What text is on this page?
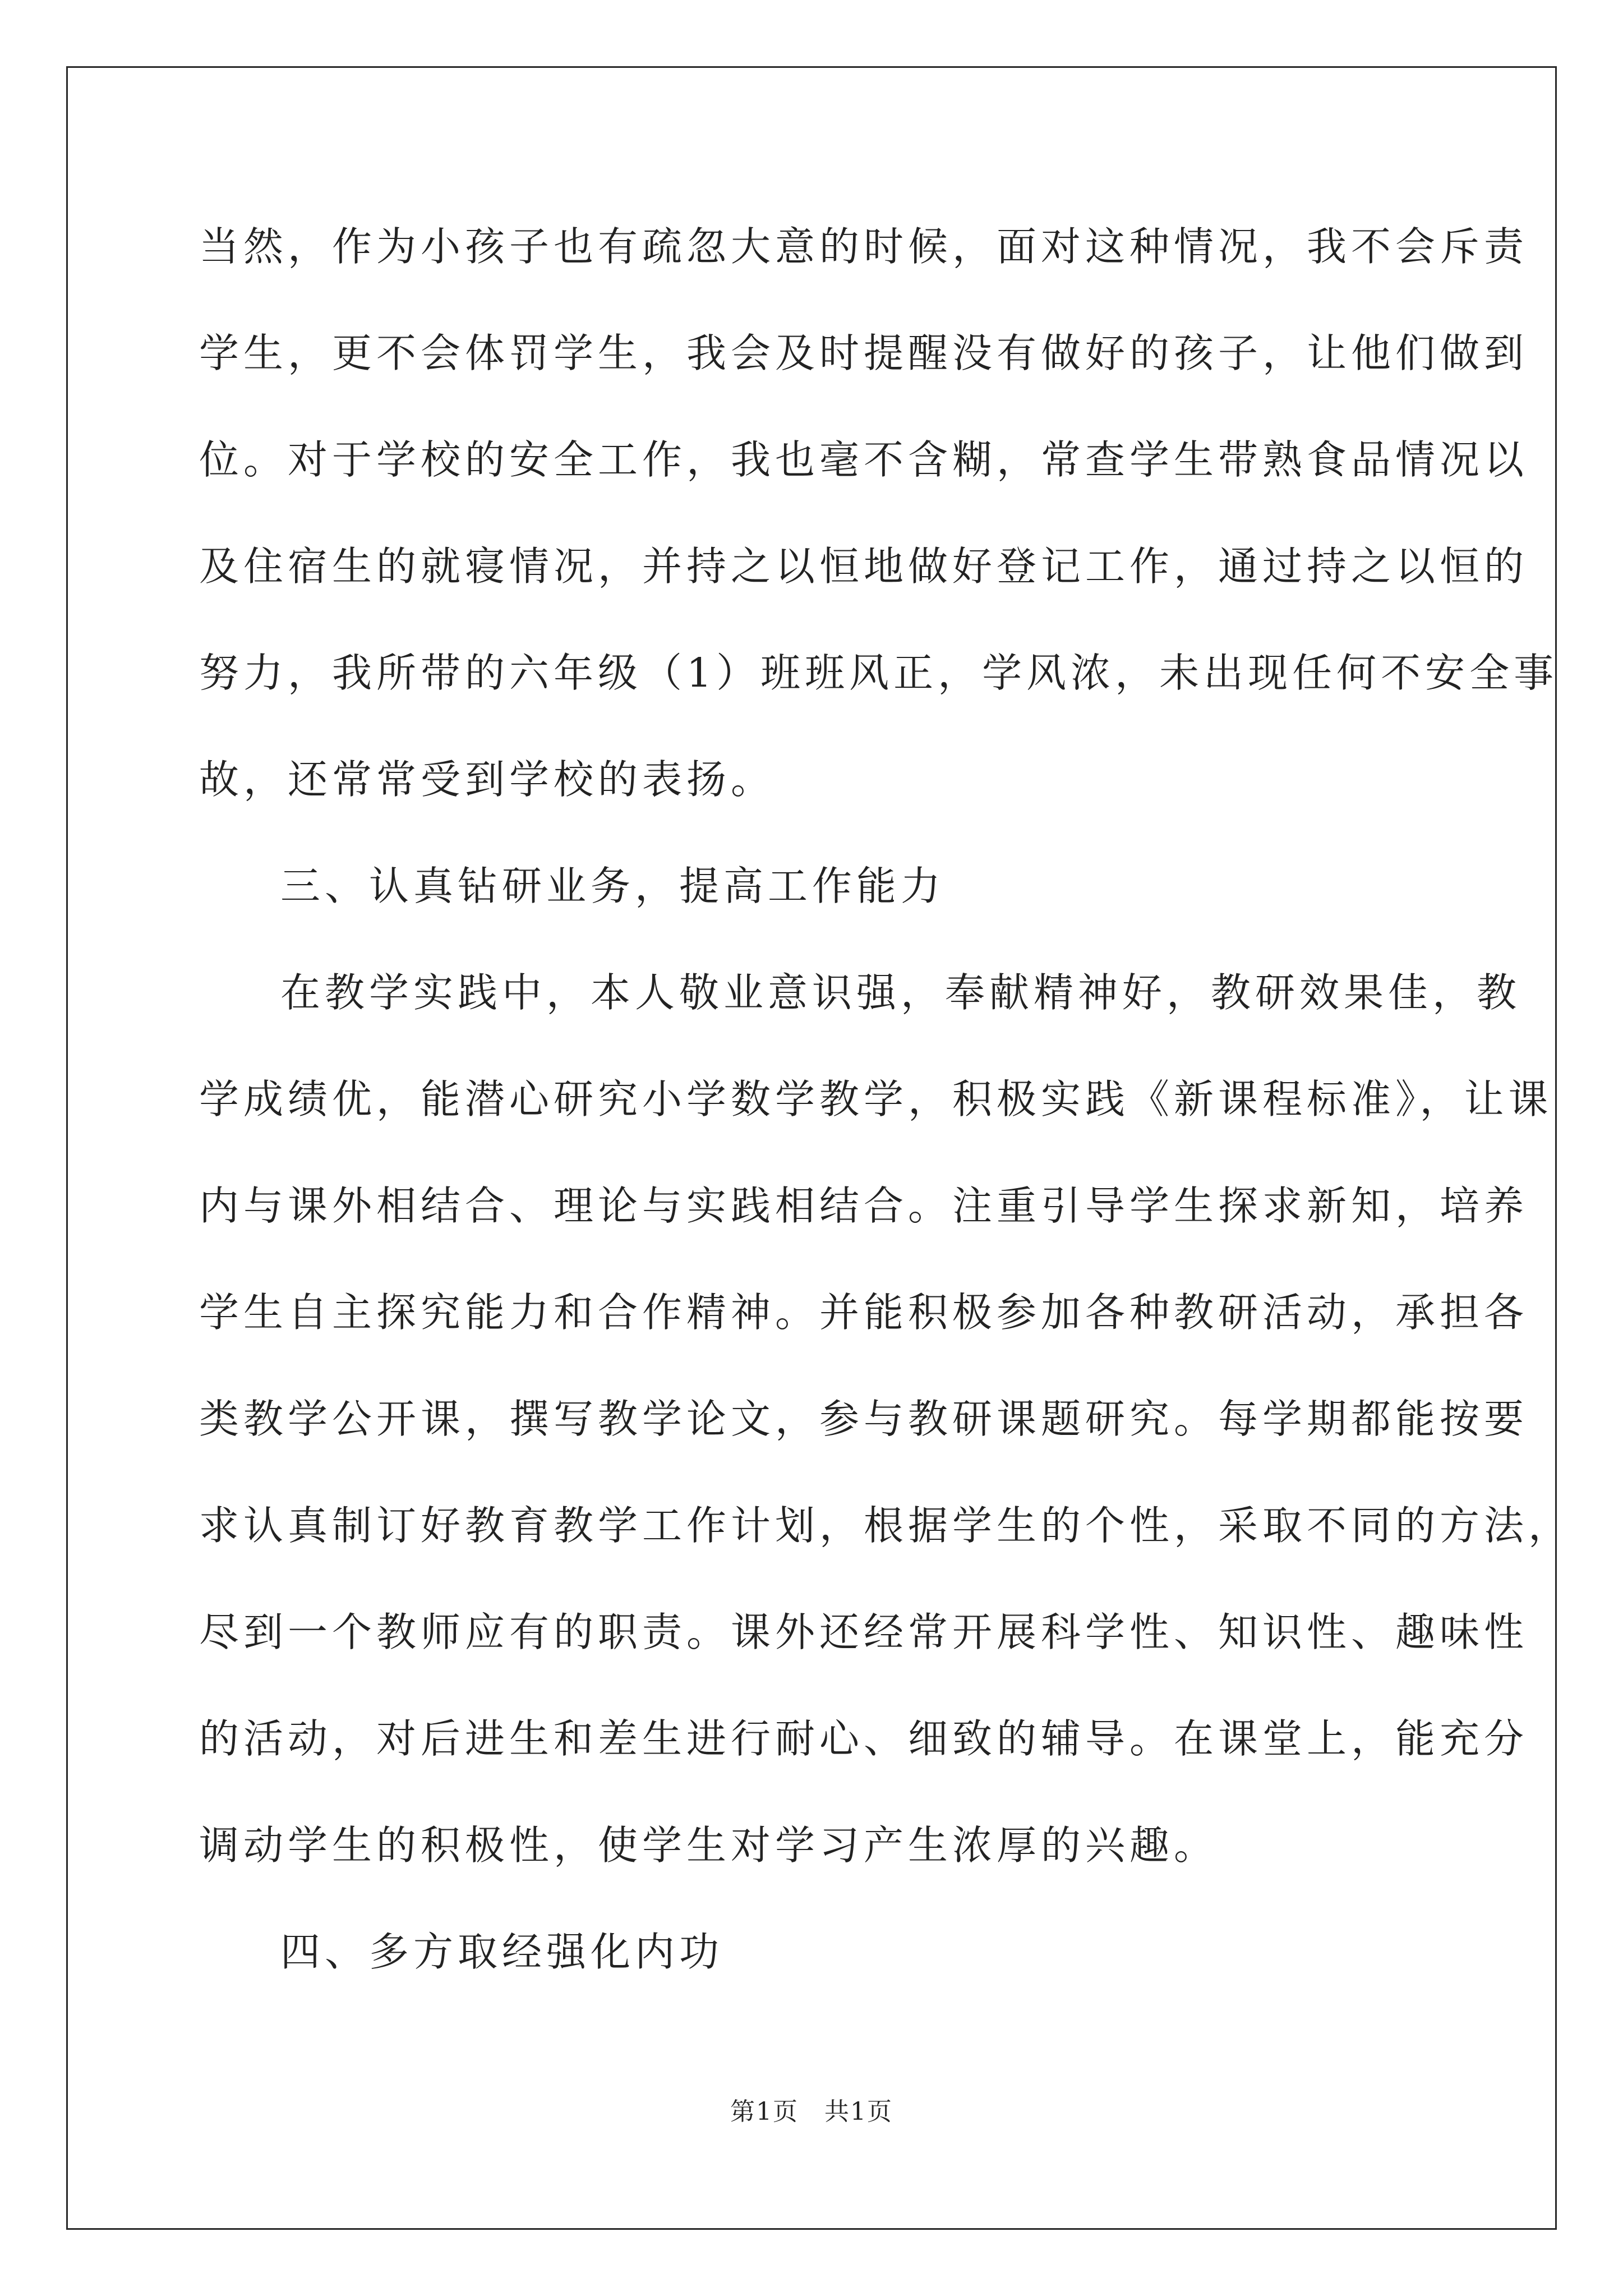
当然，作为小孩子也有疏忽大意的时候，面对这种情况，我不会斥责
学生，更不会体罚学生，我会及时提醒没有做好的孩子，让他们做到
位。对于学校的安全工作，我也毫不含糊，常查学生带熟食品情况以
及住宿生的就寝情况，并持之以恒地做好登记工作，通过持之以恒的
努力，我所带的六年级（1）班班风正，学风浓，未出现任何不安全事
故，还常常受到学校的表扬。
三、认真钻研业务，提高工作能力
在教学实践中，本人敬业意识强，奉献精神好，教研效果佳，教
学成绩优，能潜心研究小学数学教学，积极实践《新课程标准》，让课
内与课外相结合、理论与实践相结合。注重引导学生探求新知，培养
学生自主探究能力和合作精神。并能积极参加各种教研活动，承担各
类教学公开课，撰写教学论文，参与教研课题研究。每学期都能按要
求认真制订好教育教学工作计划，根据学生的个性，采取不同的方法，
尽到一个教师应有的职责。课外还经常开展科学性、知识性、趣味性
的活动，对后进生和差生进行耐心、细致的辅导。在课堂上，能充分
调动学生的积极性，使学生对学习产生浓厚的兴趣。
四、多方取经强化内功
第1页 共1页
